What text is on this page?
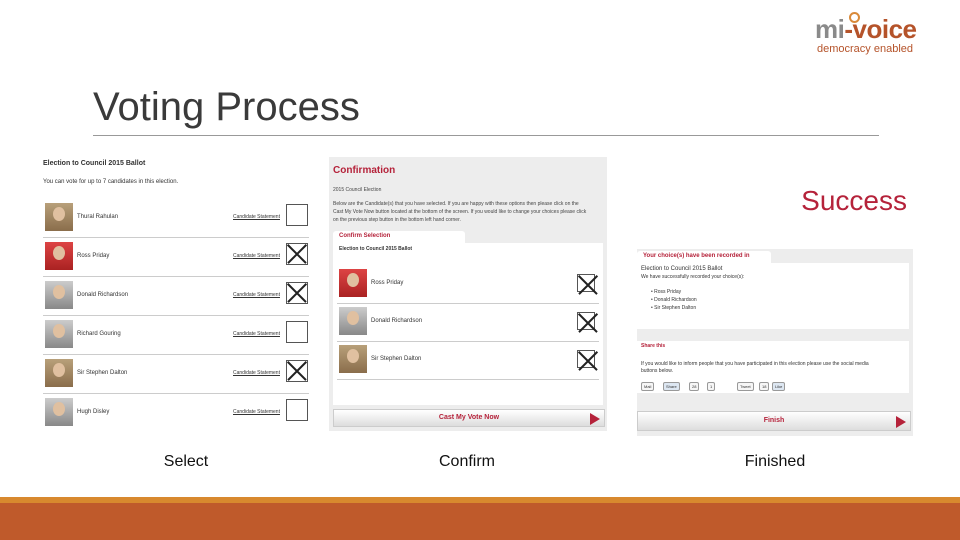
mi-voice
democracy enabled
Voting Process
Election to Council 2015 Ballot
You can vote for up to 7 candidates in this election.
Thural Rahulan	Candidate Statement
Ross Priday	Candidate Statement
Donald Richardson	Candidate Statement
Richard Gouring	Candidate Statement
Sir Stephen Dalton	Candidate Statement
Hugh Disley	Candidate Statement
Confirmation
2015 Council Election
Below are the Candidate(s) that you have selected. If you are happy with these options then please click on the
Cast My Vote Now button located at the bottom of the screen. If you would like to change your choices please click
on the previous step button in the bottom left hand corner.
Confirm Selection
Election to Council 2015 Ballot
Ross Priday
Donald Richardson
Sir Stephen Dalton
Cast My Vote Now
Success
Your choice(s) have been recorded in
Election to Council 2015 Ballot
We have successfully recorded your choice(s):
• Ross Priday
• Donald Richardson
• Sir Stephen Dalton
Share this
If you would like to inform people that you have participated in this election please use the social media
buttons below.
Mail	Share	28	1	Tweet	18	Like
Finish
Select	Confirm	Finished
